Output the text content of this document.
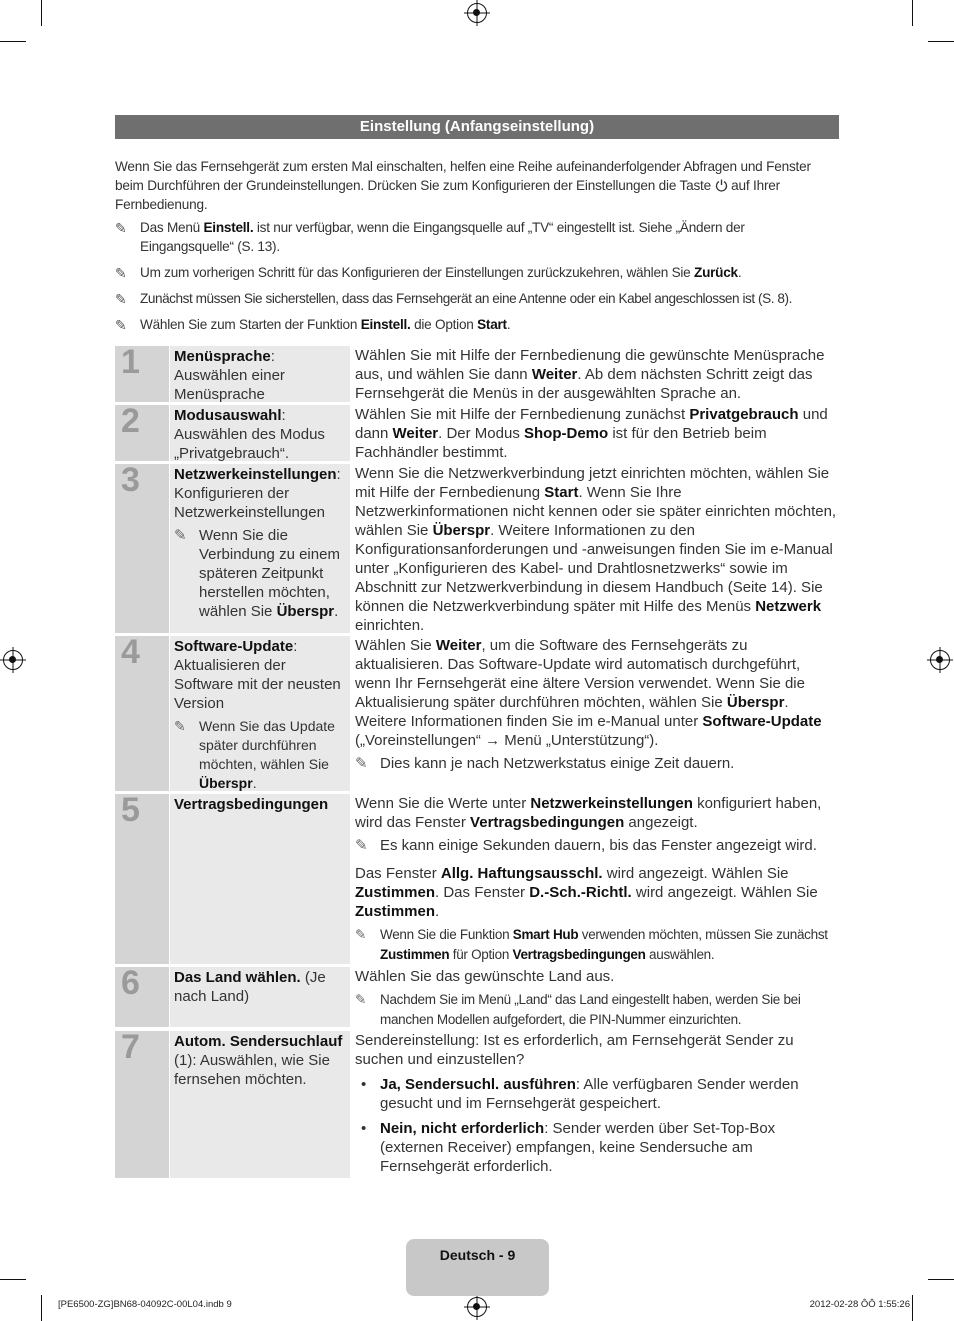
Einstellung (Anfangseinstellung)
Wenn Sie das Fernsehgerät zum ersten Mal einschalten, helfen eine Reihe aufeinanderfolgender Abfragen und Fenster beim Durchführen der Grundeinstellungen. Drücken Sie zum Konfigurieren der Einstellungen die Taste auf Ihrer Fernbedienung.
✎ Das Menü Einstell. ist nur verfügbar, wenn die Eingangsquelle auf „TV“ eingestellt ist. Siehe „Ändern der Eingangsquelle“ (S. 13).
✎ Um zum vorherigen Schritt für das Konfigurieren der Einstellungen zurückzukehren, wählen Sie Zurück.
✎ Zunächst müssen Sie sicherstellen, dass das Fernsehgerät an eine Antenne oder ein Kabel angeschlossen ist (S. 8).
✎ Wählen Sie zum Starten der Funktion Einstell. die Option Start.
1 Menüsprache: Auswählen einer Menüsprache
Wählen Sie mit Hilfe der Fernbedienung die gewünschte Menüsprache aus, und wählen Sie dann Weiter. Ab dem nächsten Schritt zeigt das Fernsehgerät die Menüs in der ausgewählten Sprache an.
2 Modusauswahl: Auswählen des Modus „Privatgebrauch“.
Wählen Sie mit Hilfe der Fernbedienung zunächst Privatgebrauch und dann Weiter. Der Modus Shop-Demo ist für den Betrieb beim Fachhändler bestimmt.
3 Netzwerkeinstellungen: Konfigurieren der Netzwerkeinstellungen
✎ Wenn Sie die Verbindung zu einem späteren Zeitpunkt herstellen möchten, wählen Sie Überspr.
Wenn Sie die Netzwerkverbindung jetzt einrichten möchten, wählen Sie mit Hilfe der Fernbedienung Start. Wenn Sie Ihre Netzwerkinformationen nicht kennen oder sie später einrichten möchten, wählen Sie Überspr. Weitere Informationen zu den Konfigurationsanforderungen und -anweisungen finden Sie im e-Manual unter „Konfigurieren des Kabel- und Drahtlosnetzwerks“ sowie im Abschnitt zur Netzwerkverbindung in diesem Handbuch (Seite 14). Sie können die Netzwerkverbindung später mit Hilfe des Menüs Netzwerk einrichten.
4 Software-Update: Aktualisieren der Software mit der neusten Version
✎ Wenn Sie das Update später durchführen möchten, wählen Sie Überspr.
Wählen Sie Weiter, um die Software des Fernsehgeräts zu aktualisieren. Das Software-Update wird automatisch durchgeführt, wenn Ihr Fernsehgerät eine ältere Version verwendet. Wenn Sie die Aktualisierung später durchführen möchten, wählen Sie Überspr. Weitere Informationen finden Sie im e-Manual unter Software-Update („Voreinstellungen“ → Menü „Unterstützung“).
✎ Dies kann je nach Netzwerkstatus einige Zeit dauern.
5 Vertragsbedingungen	Wenn Sie die Werte unter Netzwerkeinstellungen konfiguriert haben, wird das Fenster Vertragsbedingungen angezeigt.
✎ Es kann einige Sekunden dauern, bis das Fenster angezeigt wird.
Das Fenster Allg. Haftungsausschl. wird angezeigt. Wählen Sie Zustimmen. Das Fenster D.-Sch.-Richtl. wird angezeigt. Wählen Sie Zustimmen.
✎ Wenn Sie die Funktion Smart Hub verwenden möchten, müssen Sie zunächst Zustimmen für Option Vertragsbedingungen auswählen.
6 Das Land wählen. (Je nach Land)
Wählen Sie das gewünschte Land aus.
✎ Nachdem Sie im Menü „Land“ das Land eingestellt haben, werden Sie bei manchen Modellen aufgefordert, die PIN-Nummer einzurichten.
7 Autom. Sendersuchlauf (1): Auswählen, wie Sie fernsehen möchten.
Sendereinstellung: Ist es erforderlich, am Fernsehgerät Sender zu suchen und einzustellen?
• Ja, Sendersuchl. ausführen: Alle verfügbaren Sender werden gesucht und im Fernsehgerät gespeichert.
• Nein, nicht erforderlich: Sender werden über Set-Top-Box (externen Receiver) empfangen, keine Sendersuche am Fernsehgerät erforderlich.
Deutsch - 9
[PE6500-ZG]BN68-04092C-00L04.indb 9	2012-02-28 ÔÔ 1:55:26
